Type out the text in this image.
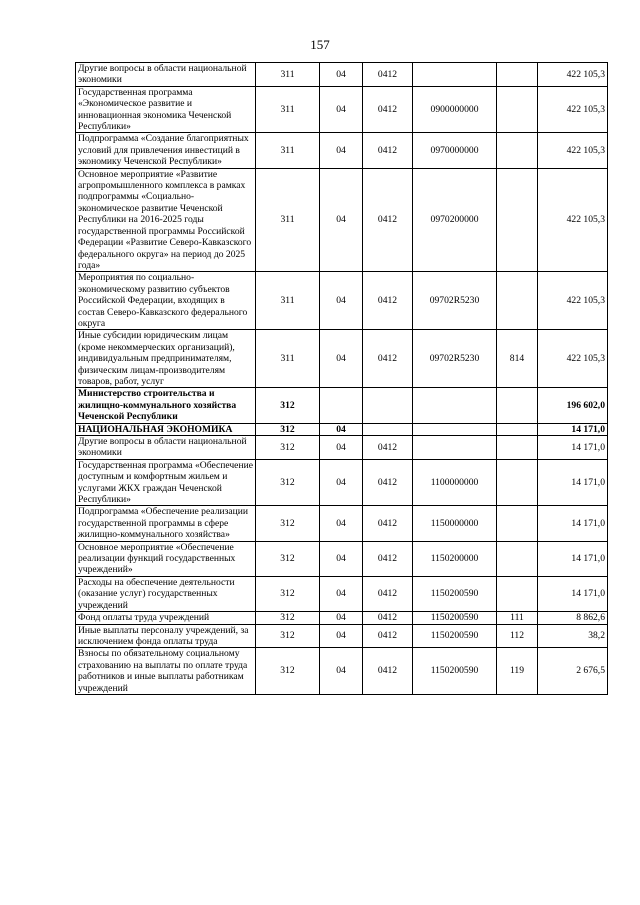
157
Другие вопросы в области национальной экономики	311	04	0412			422 105,3
Государственная программа «Экономическое развитие и инновационная экономика Чеченской Республики»	311	04	0412	0900000000		422 105,3
Подпрограмма «Создание благоприятных условий для привлечения инвестиций в экономику Чеченской Республики»	311	04	0412	0970000000		422 105,3
Основное мероприятие «Развитие агропромышленного комплекса в рамках подпрограммы «Социально-экономическое развитие Чеченской Республики на 2016-2025 годы государственной программы Российской Федерации «Развитие Северо-Кавказского федерального округа» на период до 2025 года»	311	04	0412	0970200000		422 105,3
Мероприятия по социально-экономическому развитию субъектов Российской Федерации, входящих в состав Северо-Кавказского федерального округа	311	04	0412	09702R5230		422 105,3
Иные субсидии юридическим лицам (кроме некоммерческих организаций), индивидуальным предпринимателям, физическим лицам-производителям товаров, работ, услуг	311	04	0412	09702R5230	814	422 105,3
Министерство строительства и жилищно-коммунального хозяйства Чеченской Республики	312					196 602,0
НАЦИОНАЛЬНАЯ ЭКОНОМИКА	312	04				14 171,0
Другие вопросы в области национальной экономики	312	04	0412			14 171,0
Государственная программа «Обеспечение доступным и комфортным жильем и услугами ЖКХ граждан Чеченской Республики»	312	04	0412	1100000000		14 171,0
Подпрограмма «Обеспечение реализации государственной программы в сфере жилищно-коммунального хозяйства»	312	04	0412	1150000000		14 171,0
Основное мероприятие «Обеспечение реализации функций государственных учреждений»	312	04	0412	1150200000		14 171,0
Расходы на обеспечение деятельности (оказание услуг) государственных учреждений	312	04	0412	1150200590		14 171,0
Фонд оплаты труда учреждений	312	04	0412	1150200590	111	8 862,6
Иные выплаты персоналу учреждений, за исключением фонда оплаты труда	312	04	0412	1150200590	112	38,2
Взносы по обязательному социальному страхованию на выплаты по оплате труда работников и иные выплаты работникам учреждений	312	04	0412	1150200590	119	2 676,5
